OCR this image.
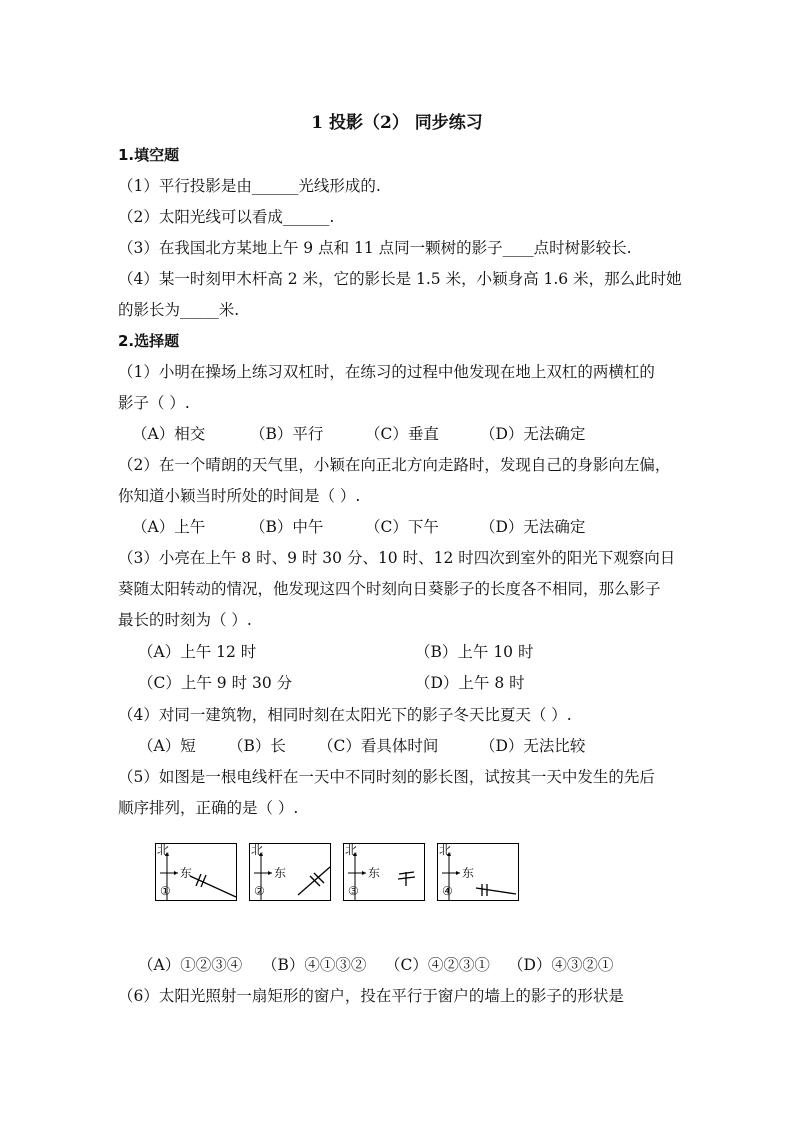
1 投影（2） 同步练习
1.填空题
（1）平行投影是由______光线形成的.
（2）太阳光线可以看成______.
（3）在我国北方某地上午 9 点和 11 点同一颗树的影子____点时树影较长.
（4）某一时刻甲木杆高 2 米，它的影长是 1.5 米，小颖身高 1.6 米，那么此时她
的影长为_____米.
2.选择题
（1）小明在操场上练习双杠时，在练习的过程中他发现在地上双杠的两横杠的
影子（ ）.
（A）相交	（B）平行	（C）垂直	（D）无法确定
（2）在一个晴朗的天气里，小颖在向正北方向走路时，发现自己的身影向左偏，
你知道小颖当时所处的时间是（ ）.
（A）上午	（B）中午	（C）下午	（D）无法确定
（3）小亮在上午 8 时、9 时 30 分、10 时、12 时四次到室外的阳光下观察向日
葵随太阳转动的情况，他发现这四个时刻向日葵影子的长度各不相同，那么影子
最长的时刻为（ ）.
（A）上午 12 时	（B）上午 10 时
（C）上午 9 时 30 分	（D）上午 8 时
（4）对同一建筑物，相同时刻在太阳光下的影子冬天比夏天（ ）.
（A）短 （B）长 （C）看具体时间	（D）无法比较
（5）如图是一根电线杆在一天中不同时刻的影长图，试按其一天中发生的先后
顺序排列，正确的是（ ）.
北
东
①
北
东
②
北
东
③
北
东
④
（A）①②③④ （B）④①③② （C）④②③① （D）④③②①
（6）太阳光照射一扇矩形的窗户，投在平行于窗户的墙上的影子的形状是
